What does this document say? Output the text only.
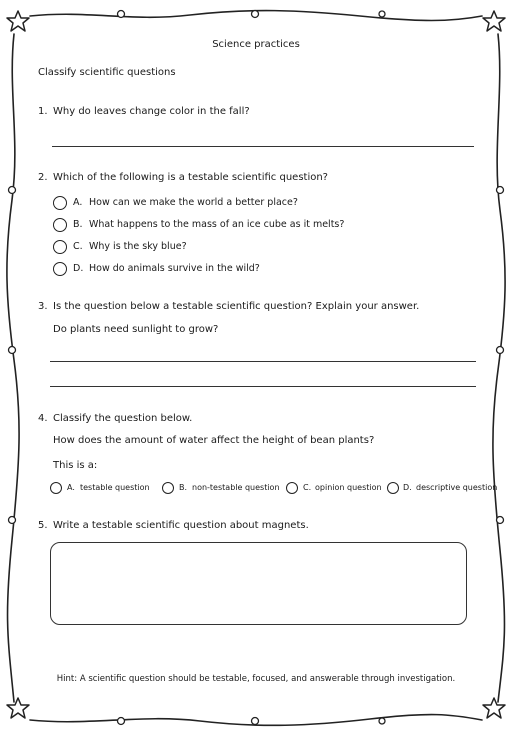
Science practices
Classify scientific questions
1. Why do leaves change color in the fall?
2. Which of the following is a testable scientific question?
A. How can we make the world a better place?
B. What happens to the mass of an ice cube as it melts?
C. Why is the sky blue?
D. How do animals survive in the wild?
3. Is the question below a testable scientific question? Explain your answer.
Do plants need sunlight to grow?
4. Classify the question below.
How does the amount of water affect the height of bean plants?
This is a:
A. testable question	B. non-testable question	C. opinion question	D. descriptive question
5. Write a testable scientific question about magnets.
Hint: A scientific question should be testable, focused, and answerable through investigation.
